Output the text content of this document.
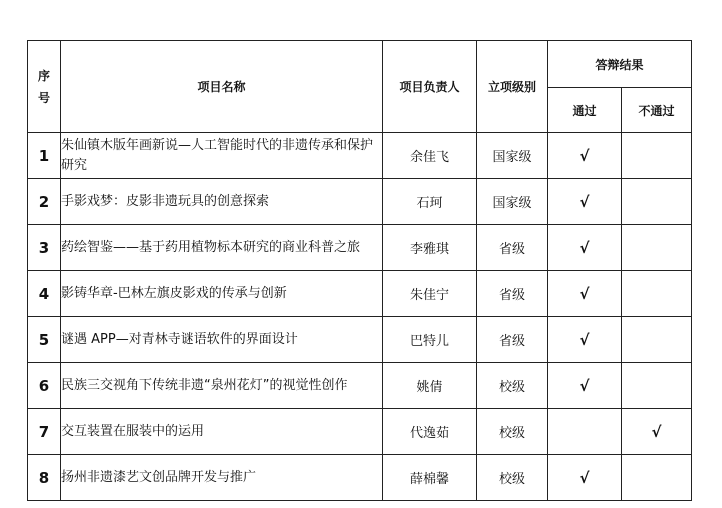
序
号	项目名称	项目负责人	立项级别	答辩结果	
				通过	不通过
1	朱仙镇木版年画新说—人工智能时代的非遗传承和保护研究	余佳飞	国家级	√	
2	手影戏梦：皮影非遗玩具的创意探索	石珂	国家级	√	
3	药绘智鉴——基于药用植物标本研究的商业科普之旅	李雅琪	省级	√	
4	影铸华章-巴林左旗皮影戏的传承与创新	朱佳宁	省级	√	
5	谜遇 APP—对青林寺谜语软件的界面设计	巴特儿	省级	√	
6	民族三交视角下传统非遗“泉州花灯”的视觉性创作	姚倩	校级	√	
7	交互装置在服装中的运用	代逸茹	校级		√
8	扬州非遗漆艺文创品牌开发与推广	薛棉馨	校级	√	
